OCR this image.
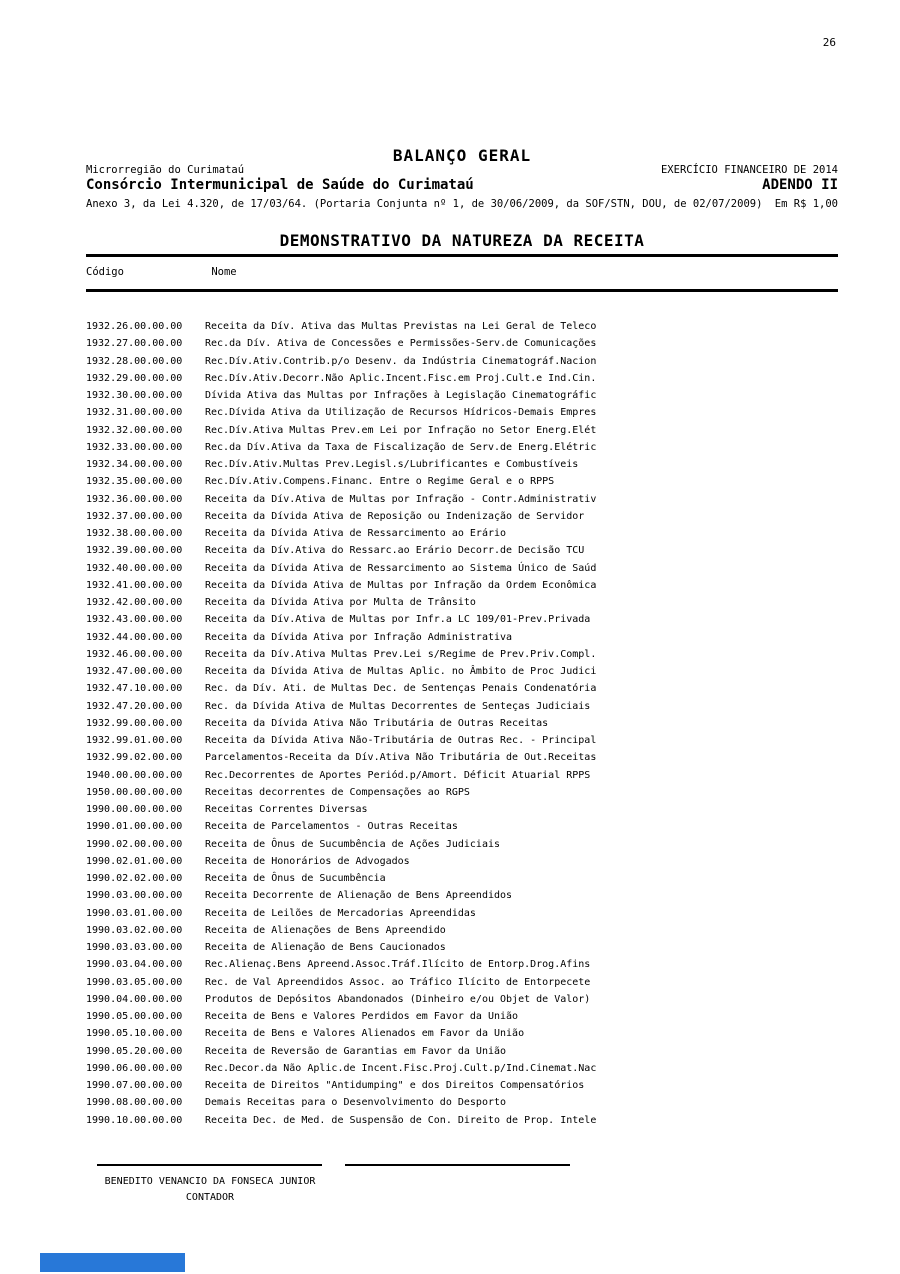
26
BALANÇO GERAL
Microrregião do Curimataú	EXERCÍCIO FINANCEIRO DE 2014
Consórcio Intermunicipal de Saúde do Curimataú	ADENDO II
Anexo 3, da Lei 4.320, de 17/03/64. (Portaria Conjunta nº 1, de 30/06/2009, da SOF/STN, DOU, de 02/07/2009) Em R$ 1,00
DEMONSTRATIVO DA NATUREZA DA RECEITA
Código	Nome
1932.26.00.00.00 Receita da Dív. Ativa das Multas Previstas na Lei Geral de Teleco
1932.27.00.00.00 Rec.da Dív. Ativa de Concessões e Permissões-Serv.de Comunicações
1932.28.00.00.00 Rec.Dív.Ativ.Contrib.p/o Desenv. da Indústria Cinematográf.Nacion
1932.29.00.00.00 Rec.Dív.Ativ.Decorr.Não Aplic.Incent.Fisc.em Proj.Cult.e Ind.Cin.
1932.30.00.00.00 Dívida Ativa das Multas por Infrações à Legislação Cinematográfic
1932.31.00.00.00 Rec.Dívida Ativa da Utilização de Recursos Hídricos-Demais Empres
1932.32.00.00.00 Rec.Dív.Ativa Multas Prev.em Lei por Infração no Setor Energ.Elét
1932.33.00.00.00 Rec.da Dív.Ativa da Taxa de Fiscalização de Serv.de Energ.Elétric
1932.34.00.00.00 Rec.Dív.Ativ.Multas Prev.Legisl.s/Lubrificantes e Combustíveis
1932.35.00.00.00 Rec.Dív.Ativ.Compens.Financ. Entre o Regime Geral e o RPPS
1932.36.00.00.00 Receita da Dív.Ativa de Multas por Infração - Contr.Administrativ
1932.37.00.00.00 Receita da Dívida Ativa de Reposição ou Indenização de Servidor
1932.38.00.00.00 Receita da Dívida Ativa de Ressarcimento ao Erário
1932.39.00.00.00 Receita da Dív.Ativa do Ressarc.ao Erário Decorr.de Decisão TCU
1932.40.00.00.00 Receita da Dívida Ativa de Ressarcimento ao Sistema Único de Saúd
1932.41.00.00.00 Receita da Dívida Ativa de Multas por Infração da Ordem Econômica
1932.42.00.00.00 Receita da Dívida Ativa por Multa de Trânsito
1932.43.00.00.00 Receita da Dív.Ativa de Multas por Infr.a LC 109/01-Prev.Privada
1932.44.00.00.00 Receita da Dívida Ativa por Infração Administrativa
1932.46.00.00.00 Receita da Dív.Ativa Multas Prev.Lei s/Regime de Prev.Priv.Compl.
1932.47.00.00.00 Receita da Dívida Ativa de Multas Aplic. no Âmbito de Proc Judici
1932.47.10.00.00 Rec. da Dív. Ati. de Multas Dec. de Sentenças Penais Condenatória
1932.47.20.00.00 Rec. da Dívida Ativa de Multas Decorrentes de Senteças Judiciais
1932.99.00.00.00 Receita da Dívida Ativa Não Tributária de Outras Receitas
1932.99.01.00.00 Receita da Dívida Ativa Não-Tributária de Outras Rec. - Principal
1932.99.02.00.00 Parcelamentos-Receita da Dív.Ativa Não Tributária de Out.Receitas
1940.00.00.00.00 Rec.Decorrentes de Aportes Periód.p/Amort. Déficit Atuarial RPPS
1950.00.00.00.00 Receitas decorrentes de Compensações ao RGPS
1990.00.00.00.00 Receitas Correntes Diversas
1990.01.00.00.00 Receita de Parcelamentos - Outras Receitas
1990.02.00.00.00 Receita de Ônus de Sucumbência de Ações Judiciais
1990.02.01.00.00 Receita de Honorários de Advogados
1990.02.02.00.00 Receita de Ônus de Sucumbência
1990.03.00.00.00 Receita Decorrente de Alienação de Bens Apreendidos
1990.03.01.00.00 Receita de Leilões de Mercadorias Apreendidas
1990.03.02.00.00 Receita de Alienações de Bens Apreendido
1990.03.03.00.00 Receita de Alienação de Bens Caucionados
1990.03.04.00.00 Rec.Alienaç.Bens Apreend.Assoc.Tráf.Ilícito de Entorp.Drog.Afins
1990.03.05.00.00 Rec. de Val Apreendidos Assoc. ao Tráfico Ilícito de Entorpecete
1990.04.00.00.00 Produtos de Depósitos Abandonados (Dinheiro e/ou Objet de Valor)
1990.05.00.00.00 Receita de Bens e Valores Perdidos em Favor da União
1990.05.10.00.00 Receita de Bens e Valores Alienados em Favor da União
1990.05.20.00.00 Receita de Reversão de Garantias em Favor da União
1990.06.00.00.00 Rec.Decor.da Não Aplic.de Incent.Fisc.Proj.Cult.p/Ind.Cinemat.Nac
1990.07.00.00.00 Receita de Direitos "Antidumping" e dos Direitos Compensatórios
1990.08.00.00.00 Demais Receitas para o Desenvolvimento do Desporto
1990.10.00.00.00 Receita Dec. de Med. de Suspensão de Con. Direito de Prop. Intele
BENEDITO VENANCIO DA FONSECA JUNIOR
CONTADOR
